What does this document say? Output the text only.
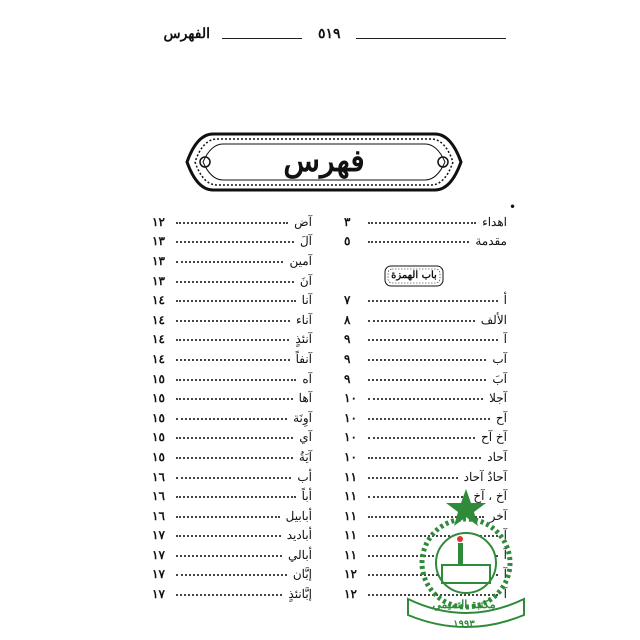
الفهرس	٥١٩
فهرس
•
اهداء
٣
مقدمة
٥
أ
٧
الألف
٨
آ
٩
آب
٩
آبَ
٩
آجلا
١٠
آح
١٠
آخ آح
١٠
آحاد
١٠
آحادٌ آحاد
١١
آخ ، آخٍ
١١
آخر
١١
آ
١١
آ
١١
آ
١٢
آ
١٢
باب الهمزة
آض
١٢
آلَ
١٣
آمين
١٣
آنَ
١٣
آنا
١٤
آناء
١٤
آنئذٍ
١٤
آنفاً
١٤
آه
١٥
آها
١٥
آوِنَة
١٥
آي
١٥
آيَةُ
١٥
أب
١٦
أباً
١٦
أبابيل
١٦
أباديد
١٧
أبالي
١٧
إبَّان
١٧
إبَّانئذٍ
١٧
مكتبة التميمي
١٩٩٣
